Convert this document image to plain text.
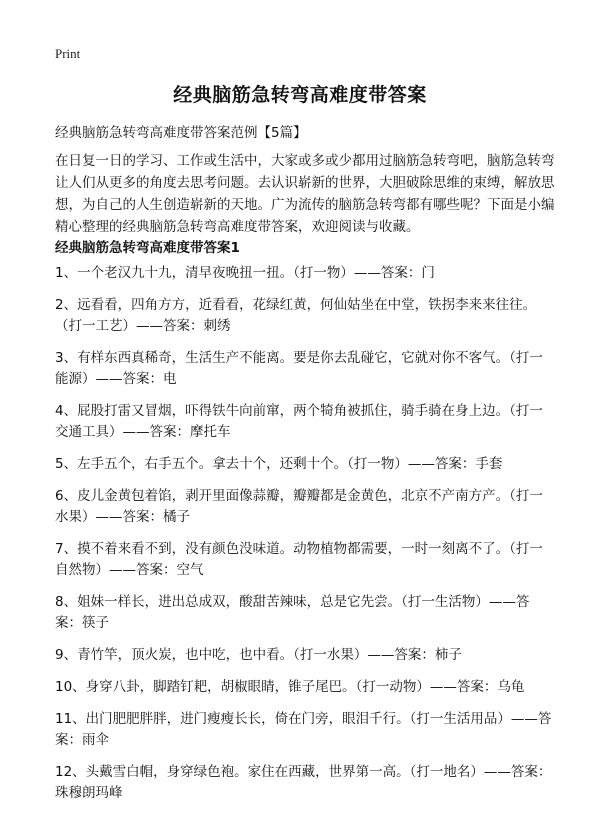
Print
经典脑筋急转弯高难度带答案

经典脑筋急转弯高难度带答案范例【5篇】

在日复一日的学习、工作或生活中，大家或多或少都用过脑筋急转弯吧，脑筋急转弯让人们从更多的角度去思考问题。去认识崭新的世界，大胆破除思维的束缚，解放思想，为自己的人生创造崭新的天地。广为流传的脑筋急转弯都有哪些呢？下面是小编精心整理的经典脑筋急转弯高难度带答案，欢迎阅读与收藏。

经典脑筋急转弯高难度带答案1
1、一个老汉九十九，清早夜晚扭一扭。（打一物）——答案：门
2、远看看，四角方方，近看看，花绿红黄，何仙姑坐在中堂，铁拐李来来往往。（打一工艺）——答案：刺绣
3、有样东西真稀奇，生活生产不能离。要是你去乱碰它，它就对你不客气。（打一能源）——答案：电
4、屁股打雷又冒烟，吓得铁牛向前窜，两个犄角被抓住，骑手骑在身上边。（打一交通工具）——答案：摩托车
5、左手五个，右手五个。拿去十个，还剩十个。（打一物）——答案：手套
6、皮儿金黄包着馅，剥开里面像蒜瓣，瓣瓣都是金黄色，北京不产南方产。（打一水果）——答案：橘子
7、摸不着来看不到，没有颜色没味道。动物植物都需要，一时一刻离不了。（打一自然物）——答案：空气
8、姐妹一样长，进出总成双，酸甜苦辣味，总是它先尝。（打一生活物）——答案：筷子
9、青竹竿，顶火炭，也中吃，也中看。（打一水果）——答案：柿子
10、身穿八卦，脚踏钉耙，胡椒眼睛，锥子尾巴。（打一动物）——答案：乌龟
11、出门肥肥胖胖，进门瘦瘦长长，倚在门旁，眼泪千行。（打一生活用品）——答案：雨伞
12、头戴雪白帽，身穿绿色袍。家住在西藏，世界第一高。（打一地名）——答案：珠穆朗玛峰
